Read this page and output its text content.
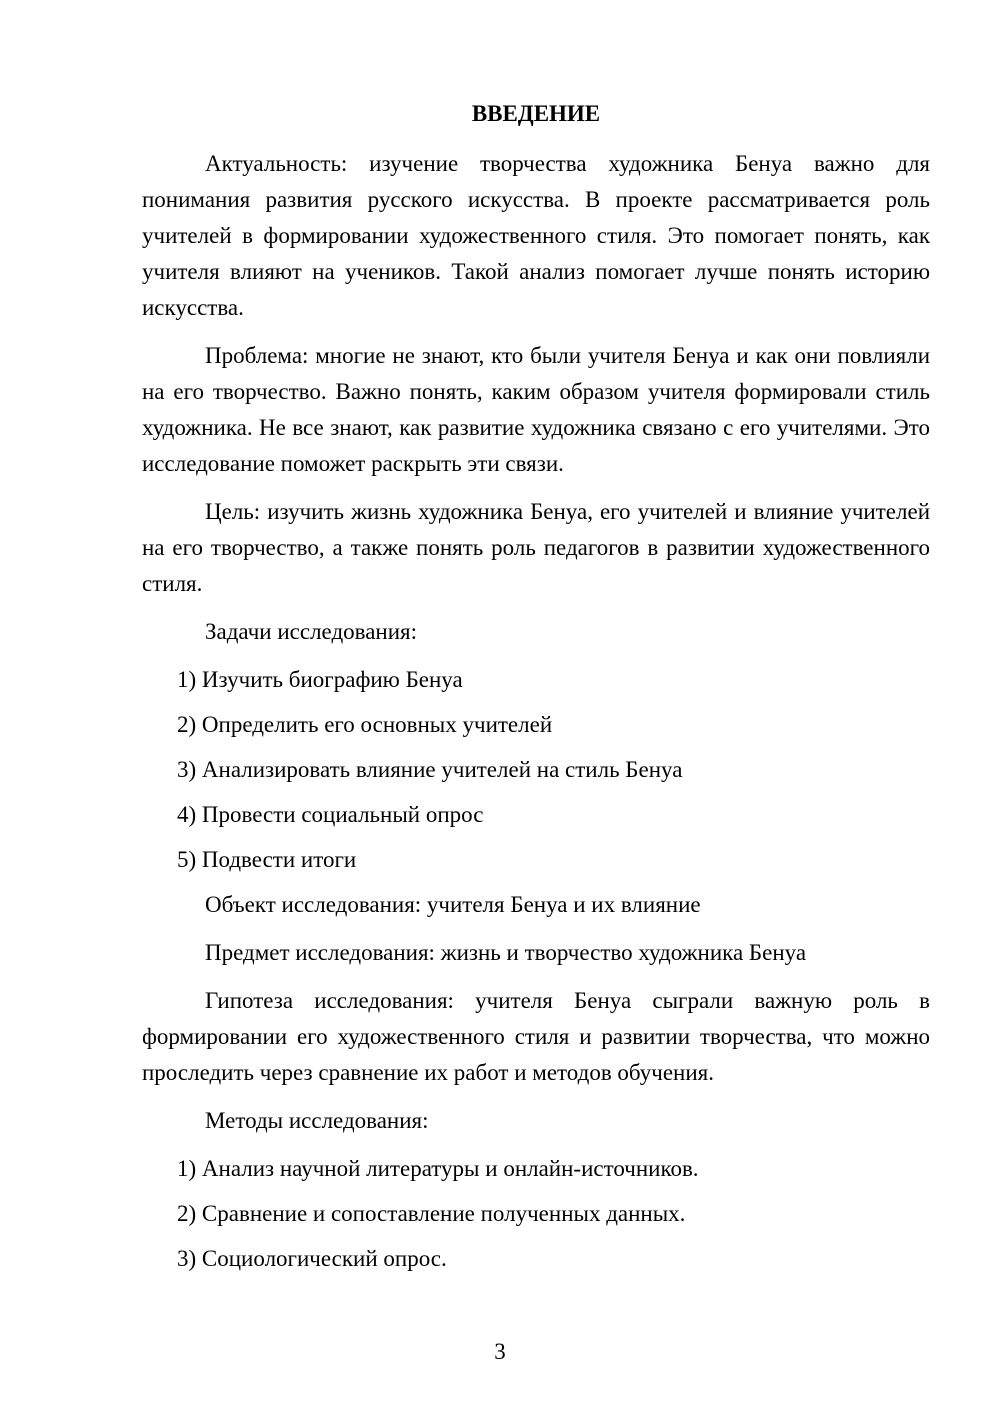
ВВЕДЕНИЕ

Актуальность: изучение творчества художника Бенуа важно для понимания развития русского искусства. В проекте рассматривается роль учителей в формировании художественного стиля. Это помогает понять, как учителя влияют на учеников. Такой анализ помогает лучше понять историю искусства.

Проблема: многие не знают, кто были учителя Бенуа и как они повлияли на его творчество. Важно понять, каким образом учителя формировали стиль художника. Не все знают, как развитие художника связано с его учителями. Это исследование поможет раскрыть эти связи.

Цель: изучить жизнь художника Бенуа, его учителей и влияние учителей на его творчество, а также понять роль педагогов в развитии художественного стиля.

Задачи исследования:

1) Изучить биографию Бенуа

2) Определить его основных учителей

3) Анализировать влияние учителей на стиль Бенуа

4) Провести социальный опрос

5) Подвести итоги

Объект исследования: учителя Бенуа и их влияние

Предмет исследования: жизнь и творчество художника Бенуа

Гипотеза исследования: учителя Бенуа сыграли важную роль в формировании его художественного стиля и развитии творчества, что можно проследить через сравнение их работ и методов обучения.

Методы исследования:

1) Анализ научной литературы и онлайн-источников.

2) Сравнение и сопоставление полученных данных.

3) Социологический опрос.

3
